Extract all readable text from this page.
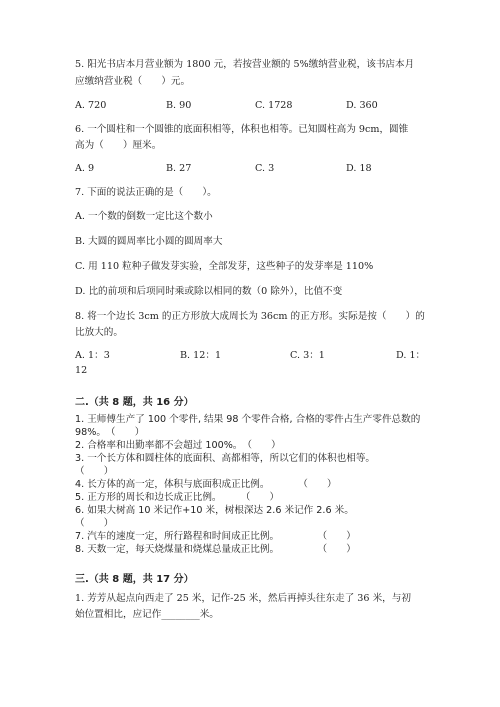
5. 阳光书店本月营业额为 1800 元，若按营业额的 5%缴纳营业税，该书店本月
应缴纳营业税（　　）元。
A. 720	B. 90	C. 1728	D. 360
6. 一个圆柱和一个圆锥的底面积相等，体积也相等。已知圆柱高为 9cm，圆锥
高为（　　）厘米。
A. 9	B. 27	C. 3	D. 18
7. 下面的说法正确的是（　　）。
A. 一个数的倒数一定比这个数小
B. 大圆的圆周率比小圆的圆周率大
C. 用 110 粒种子做发芽实验，全部发芽，这些种子的发芽率是 110%
D. 比的前项和后项同时乘或除以相同的数（0 除外），比值不变
8. 将一个边长 3cm 的正方形放大成周长为 36cm 的正方形。实际是按（　　）的
比放大的。
A. 1：3	B. 12：1	C. 3：1	D. 1：
12
二.（共 8 题，共 16 分）
1. 王师傅生产了 100 个零件, 结果 98 个零件合格, 合格的零件占生产零件总数的
98%。　（　　）
2. 合格率和出勤率都不会超过 100%。　（　　）
3. 一个长方体和圆柱体的底面积、高都相等，所以它们的体积也相等。
（　　）
4. 长方体的高一定，体积与底面积成正比例。　　　　（　　）
5. 正方形的周长和边长成正比例。　　　（　　）
6. 如果大树高 10 米记作+10 米，树根深达 2.6 米记作 2.6 米。
（　　）
7. 汽车的速度一定，所行路程和时间成正比例。　　　　　（　　）
8. 天数一定，每天烧煤量和烧煤总量成正比例。　　　　　（　　）
三.（共 8 题，共 17 分）
1. 芳芳从起点向西走了 25 米，记作-25 米，然后再掉头往东走了 36 米，与初
始位置相比，应记作________米。
